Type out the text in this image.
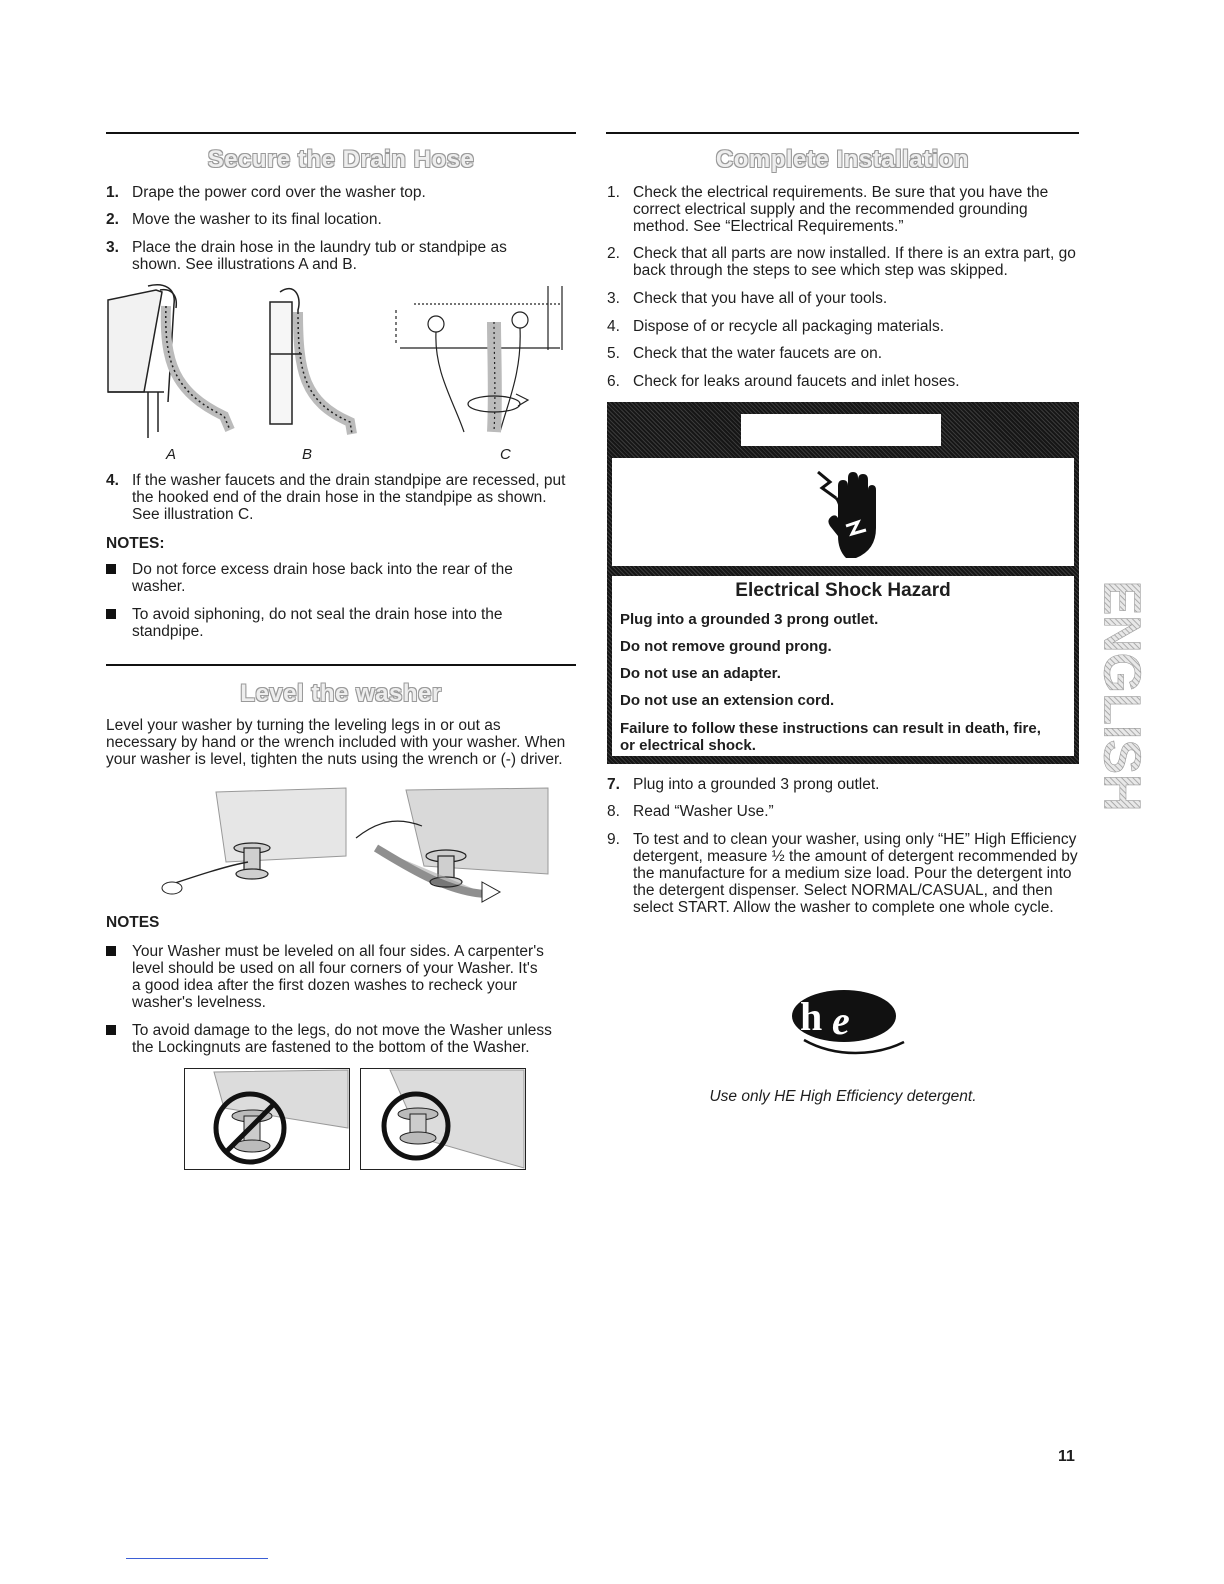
Secure the Drain Hose
1. Drape the power cord over the washer top.
2. Move the washer to its final location.
3. Place the drain hose in the laundry tub or standpipe as shown. See illustrations A and B.
A	B	C
4. If the washer faucets and the drain standpipe are recessed, put the hooked end of the drain hose in the standpipe as shown. See illustration C.
NOTES:
Do not force excess drain hose back into the rear of the washer.
To avoid siphoning, do not seal the drain hose into the standpipe.
Level the washer
Level your washer by turning the leveling legs in or out as necessary by hand or the wrench included with your washer. When your washer is level, tighten the nuts using the wrench or (-) driver.
NOTES
Your Washer must be leveled on all four sides. A carpenter's level should be used on all four corners of your Washer. It's a good idea after the first dozen washes to recheck your washer's levelness.
To avoid damage to the legs, do not move the Washer unless the Lockingnuts are fastened to the bottom of the Washer.
Complete Installation
1. Check the electrical requirements. Be sure that you have the correct electrical supply and the recommended grounding method. See “Electrical Requirements.”
2. Check that all parts are now installed. If there is an extra part, go back through the steps to see which step was skipped.
3. Check that you have all of your tools.
4. Dispose of or recycle all packaging materials.
5. Check that the water faucets are on.
6. Check for leaks around faucets and inlet hoses.
Electrical Shock Hazard
Plug into a grounded 3 prong outlet.
Do not remove ground prong.
Do not use an adapter.
Do not use an extension cord.
Failure to follow these instructions can result in death, fire, or electrical shock.
7. Plug into a grounded 3 prong outlet.
8. Read “Washer Use.”
9. To test and to clean your washer, using only “HE” High Efficiency detergent, measure ½ the amount of detergent recommended by the manufacture for a medium size load. Pour the detergent into the detergent dispenser. Select NORMAL/CASUAL, and then select START. Allow the washer to complete one whole cycle.
h e
Use only HE High Efficiency detergent.
ENGLISH
11
